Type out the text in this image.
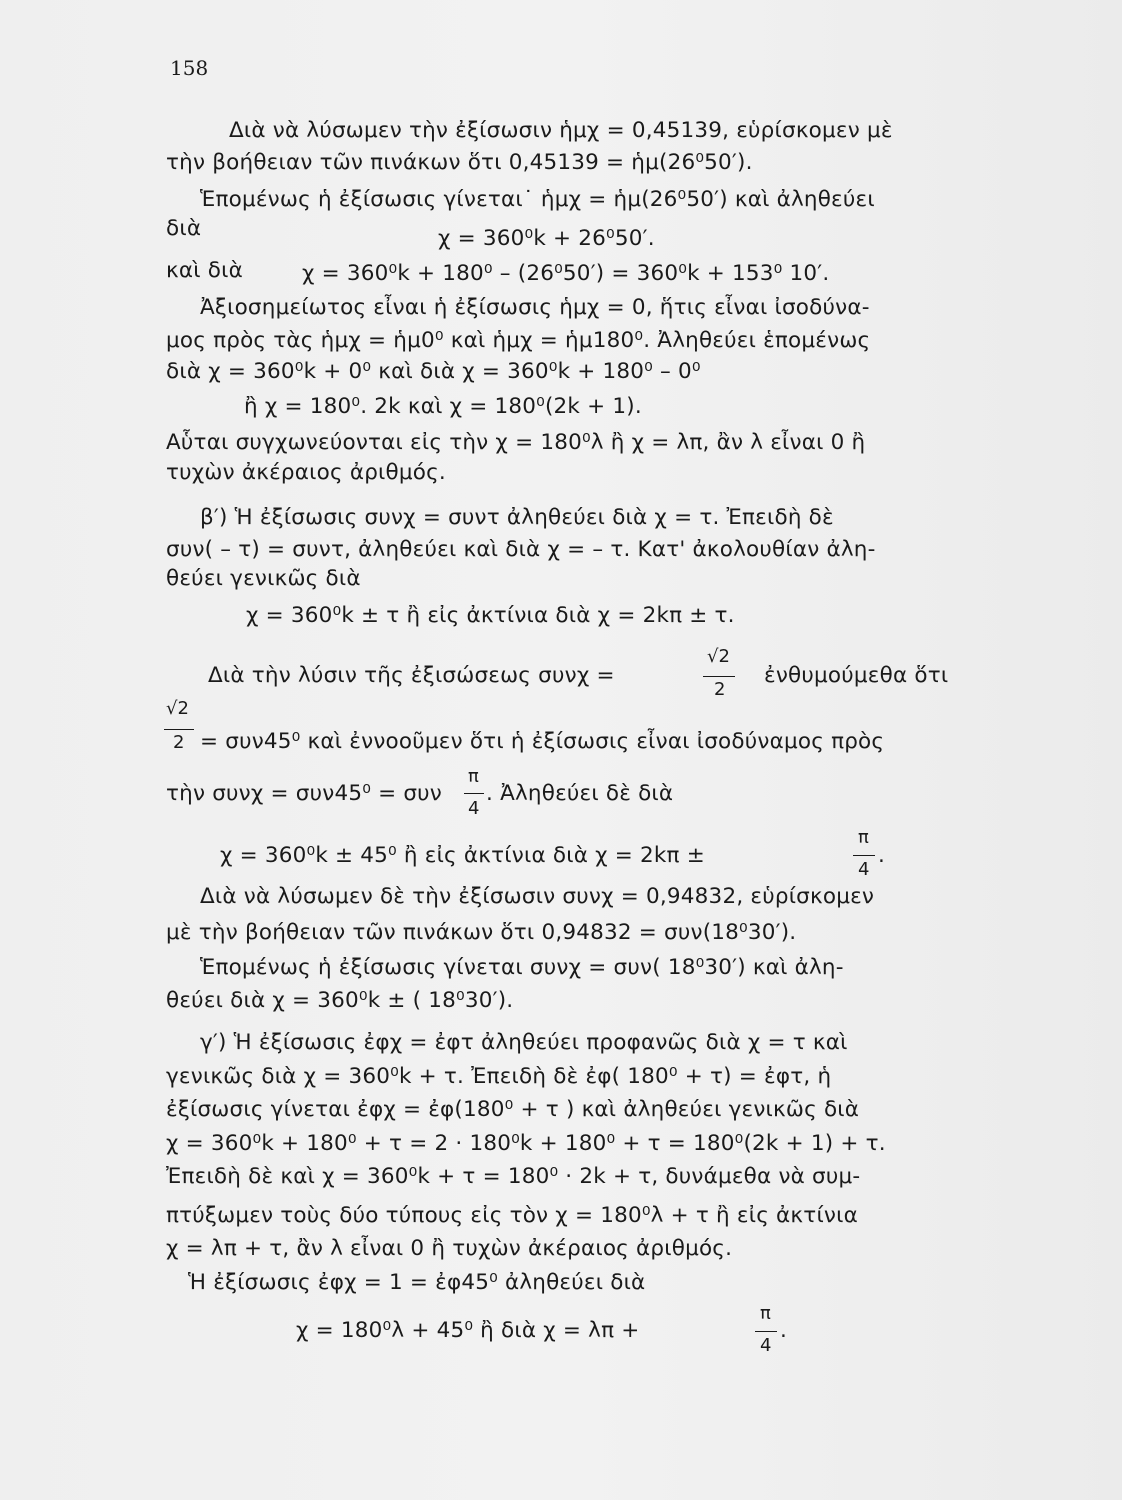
158
Διὰ νὰ λύσωμεν τὴν ἐξίσωσιν ἡμχ = 0,45139, εὑρίσκομεν μὲ
τὴν βοήθειαν τῶν πινάκων ὅτι 0,45139 = ἡμ(26⁰50′).
Ἑπομένως ἡ ἐξίσωσις γίνεται˙ ἡμχ = ἡμ(26⁰50′) καὶ ἀληθεύει
διὰ	χ = 360⁰k + 26⁰50′.
καὶ διὰ	χ = 360⁰k + 180⁰ – (26⁰50′) = 360⁰k + 153⁰ 10′.
Ἀξιοσημείωτος εἶναι ἡ ἐξίσωσις ἡμχ = 0, ἥτις εἶναι ἰσοδύνα-
μος πρὸς τὰς ἡμχ = ἡμ0⁰ καὶ ἡμχ = ἡμ180⁰. Ἀληθεύει ἑπομένως
διὰ χ = 360⁰k + 0⁰ καὶ διὰ χ = 360⁰k + 180⁰ – 0⁰
ἢ χ = 180⁰. 2k καὶ χ = 180⁰(2k + 1).
Αὗται συγχωνεύονται εἰς τὴν χ = 180⁰λ ἢ χ = λπ, ἂν λ εἶναι 0 ἢ
τυχὼν ἀκέραιος ἀριθμός.
β′) Ἡ ἐξίσωσις συνχ = συντ ἀληθεύει διὰ χ = τ. Ἐπειδὴ δὲ
συν( – τ) = συντ, ἀληθεύει καὶ διὰ χ = – τ. Κατ' ἀκολουθίαν ἀλη-
θεύει γενικῶς διὰ
χ = 360⁰k ± τ ἢ εἰς ἀκτίνια διὰ χ = 2kπ ± τ.
Διὰ τὴν λύσιν τῆς ἐξισώσεως συνχ =
√2
2
ἐνθυμούμεθα ὅτι
√2
2 = συν45⁰ καὶ ἐννοοῦμεν ὅτι ἡ ἐξίσωσις εἶναι ἰσοδύναμος πρὸς
τὴν συνχ = συν45⁰ = συν
π
4
. Ἀληθεύει δὲ διὰ
χ = 360⁰k ± 45⁰ ἢ εἰς ἀκτίνια διὰ χ = 2kπ ±
π
4
.
Διὰ νὰ λύσωμεν δὲ τὴν ἐξίσωσιν συνχ = 0,94832, εὑρίσκομεν
μὲ τὴν βοήθειαν τῶν πινάκων ὅτι 0,94832 = συν(18⁰30′).
Ἑπομένως ἡ ἐξίσωσις γίνεται συνχ = συν( 18⁰30′) καὶ ἀλη-
θεύει διὰ χ = 360⁰k ± ( 18⁰30′).
γ′) Ἡ ἐξίσωσις ἐφχ = ἐφτ ἀληθεύει προφανῶς διὰ χ = τ καὶ
γενικῶς διὰ χ = 360⁰k + τ. Ἐπειδὴ δὲ ἐφ( 180⁰ + τ) = ἐφτ, ἡ
ἐξίσωσις γίνεται ἐφχ = ἐφ(180⁰ + τ ) καὶ ἀληθεύει γενικῶς διὰ
χ = 360⁰k + 180⁰ + τ = 2 · 180⁰k + 180⁰ + τ = 180⁰(2k + 1) + τ.
Ἐπειδὴ δὲ καὶ χ = 360⁰k + τ = 180⁰ · 2k + τ, δυνάμεθα νὰ συμ-
πτύξωμεν τοὺς δύο τύπους εἰς τὸν χ = 180⁰λ + τ ἢ εἰς ἀκτίνια
χ = λπ + τ, ἂν λ εἶναι 0 ἢ τυχὼν ἀκέραιος ἀριθμός.
Ἡ ἐξίσωσις ἐφχ = 1 = ἐφ45⁰ ἀληθεύει διὰ
χ = 180⁰λ + 45⁰ ἢ διὰ χ = λπ +
π
4
.
